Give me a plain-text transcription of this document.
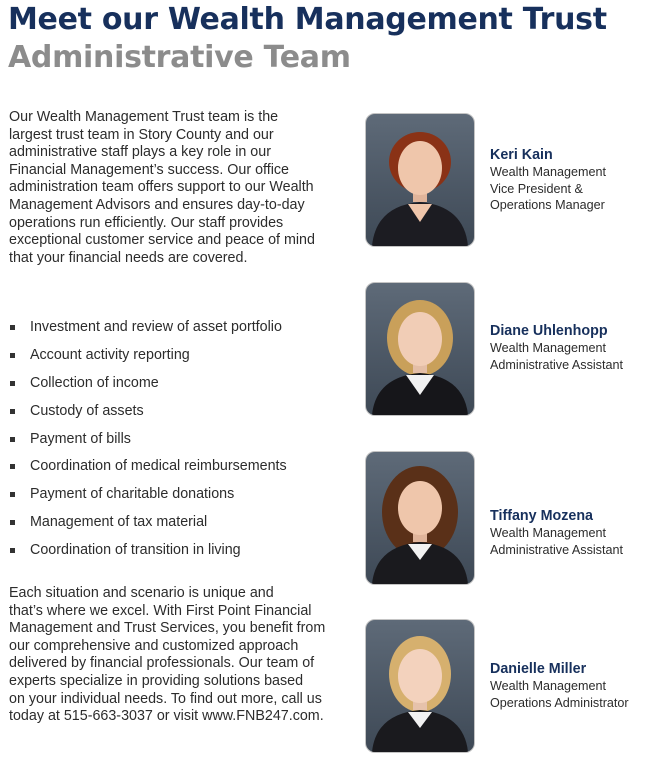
Meet our Wealth Management Trust
Administrative Team
Our Wealth Management Trust team is the
largest trust team in Story County and our
administrative staff plays a key role in our
Financial Management’s success. Our office
administration team offers support to our Wealth
Management Advisors and ensures day-to-day
operations run efficiently. Our staff provides
exceptional customer service and peace of mind
that your financial needs are covered.
Investment and review of asset portfolio
Account activity reporting
Collection of income
Custody of assets
Payment of bills
Coordination of medical reimbursements
Payment of charitable donations
Management of tax material
Coordination of transition in living
Each situation and scenario is unique and
that’s where we excel. With First Point Financial
Management and Trust Services, you benefit from
our comprehensive and customized approach
delivered by financial professionals. Our team of
experts specialize in providing solutions based
on your individual needs. To find out more, call us
today at 515-663-3037 or visit www.FNB247.com.
Keri Kain
Wealth Management
Vice President &
Operations Manager
Diane Uhlenhopp
Wealth Management
Administrative Assistant
Tiffany Mozena
Wealth Management
Administrative Assistant
Danielle Miller
Wealth Management
Operations Administrator
